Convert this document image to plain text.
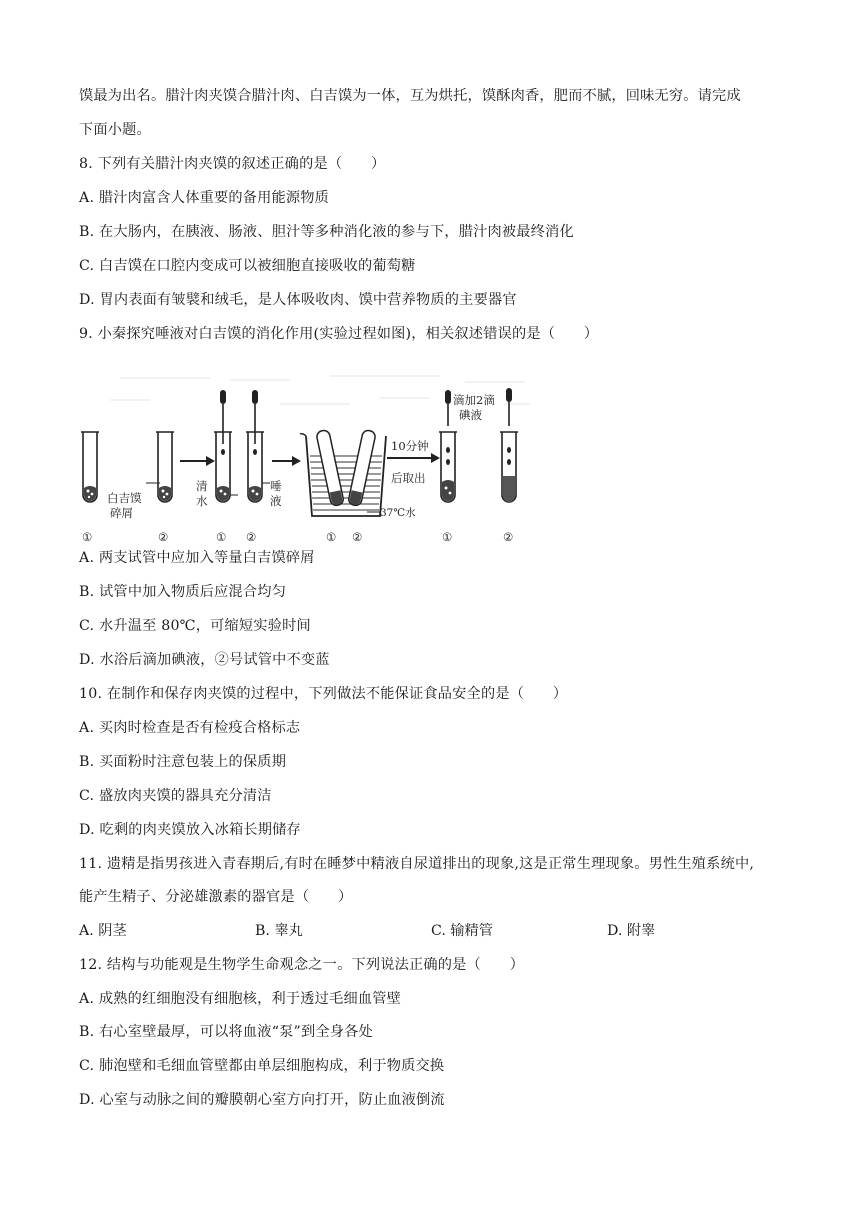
馍最为出名。腊汁肉夹馍合腊汁肉、白吉馍为一体，互为烘托，馍酥肉香，肥而不腻，回味无穷。请完成
下面小题。
8. 下列有关腊汁肉夹馍的叙述正确的是（　　）
A. 腊汁肉富含人体重要的备用能源物质
B. 在大肠内，在胰液、肠液、胆汁等多种消化液的参与下，腊汁肉被最终消化
C. 白吉馍在口腔内变成可以被细胞直接吸收的葡萄糖
D. 胃内表面有皱襞和绒毛，是人体吸收肉、馍中营养物质的主要器官
9. 小秦探究唾液对白吉馍的消化作用(实验过程如图)，相关叙述错误的是（　　）
①	②
白吉馍
碎屑
清
水
① ②
唾
液
① ②
37℃水
10分钟
后取出
①	②
滴加2滴
碘液
A. 两支试管中应加入等量白吉馍碎屑
B. 试管中加入物质后应混合均匀
C. 水升温至 80℃，可缩短实验时间
D. 水浴后滴加碘液，②号试管中不变蓝
10. 在制作和保存肉夹馍的过程中，下列做法不能保证食品安全的是（　　）
A. 买肉时检查是否有检疫合格标志
B. 买面粉时注意包装上的保质期
C. 盛放肉夹馍的器具充分清洁
D. 吃剩的肉夹馍放入冰箱长期储存
11. 遗精是指男孩进入青春期后,有时在睡梦中精液自尿道排出的现象,这是正常生理现象。男性生殖系统中,
能产生精子、分泌雄激素的器官是（　　）
A. 阴茎	B. 睾丸	C. 输精管	D. 附睾
12. 结构与功能观是生物学生命观念之一。下列说法正确的是（　　）
A. 成熟的红细胞没有细胞核，利于透过毛细血管壁
B. 右心室壁最厚，可以将血液“泵”到全身各处
C. 肺泡壁和毛细血管壁都由单层细胞构成，利于物质交换
D. 心室与动脉之间的瓣膜朝心室方向打开，防止血液倒流
